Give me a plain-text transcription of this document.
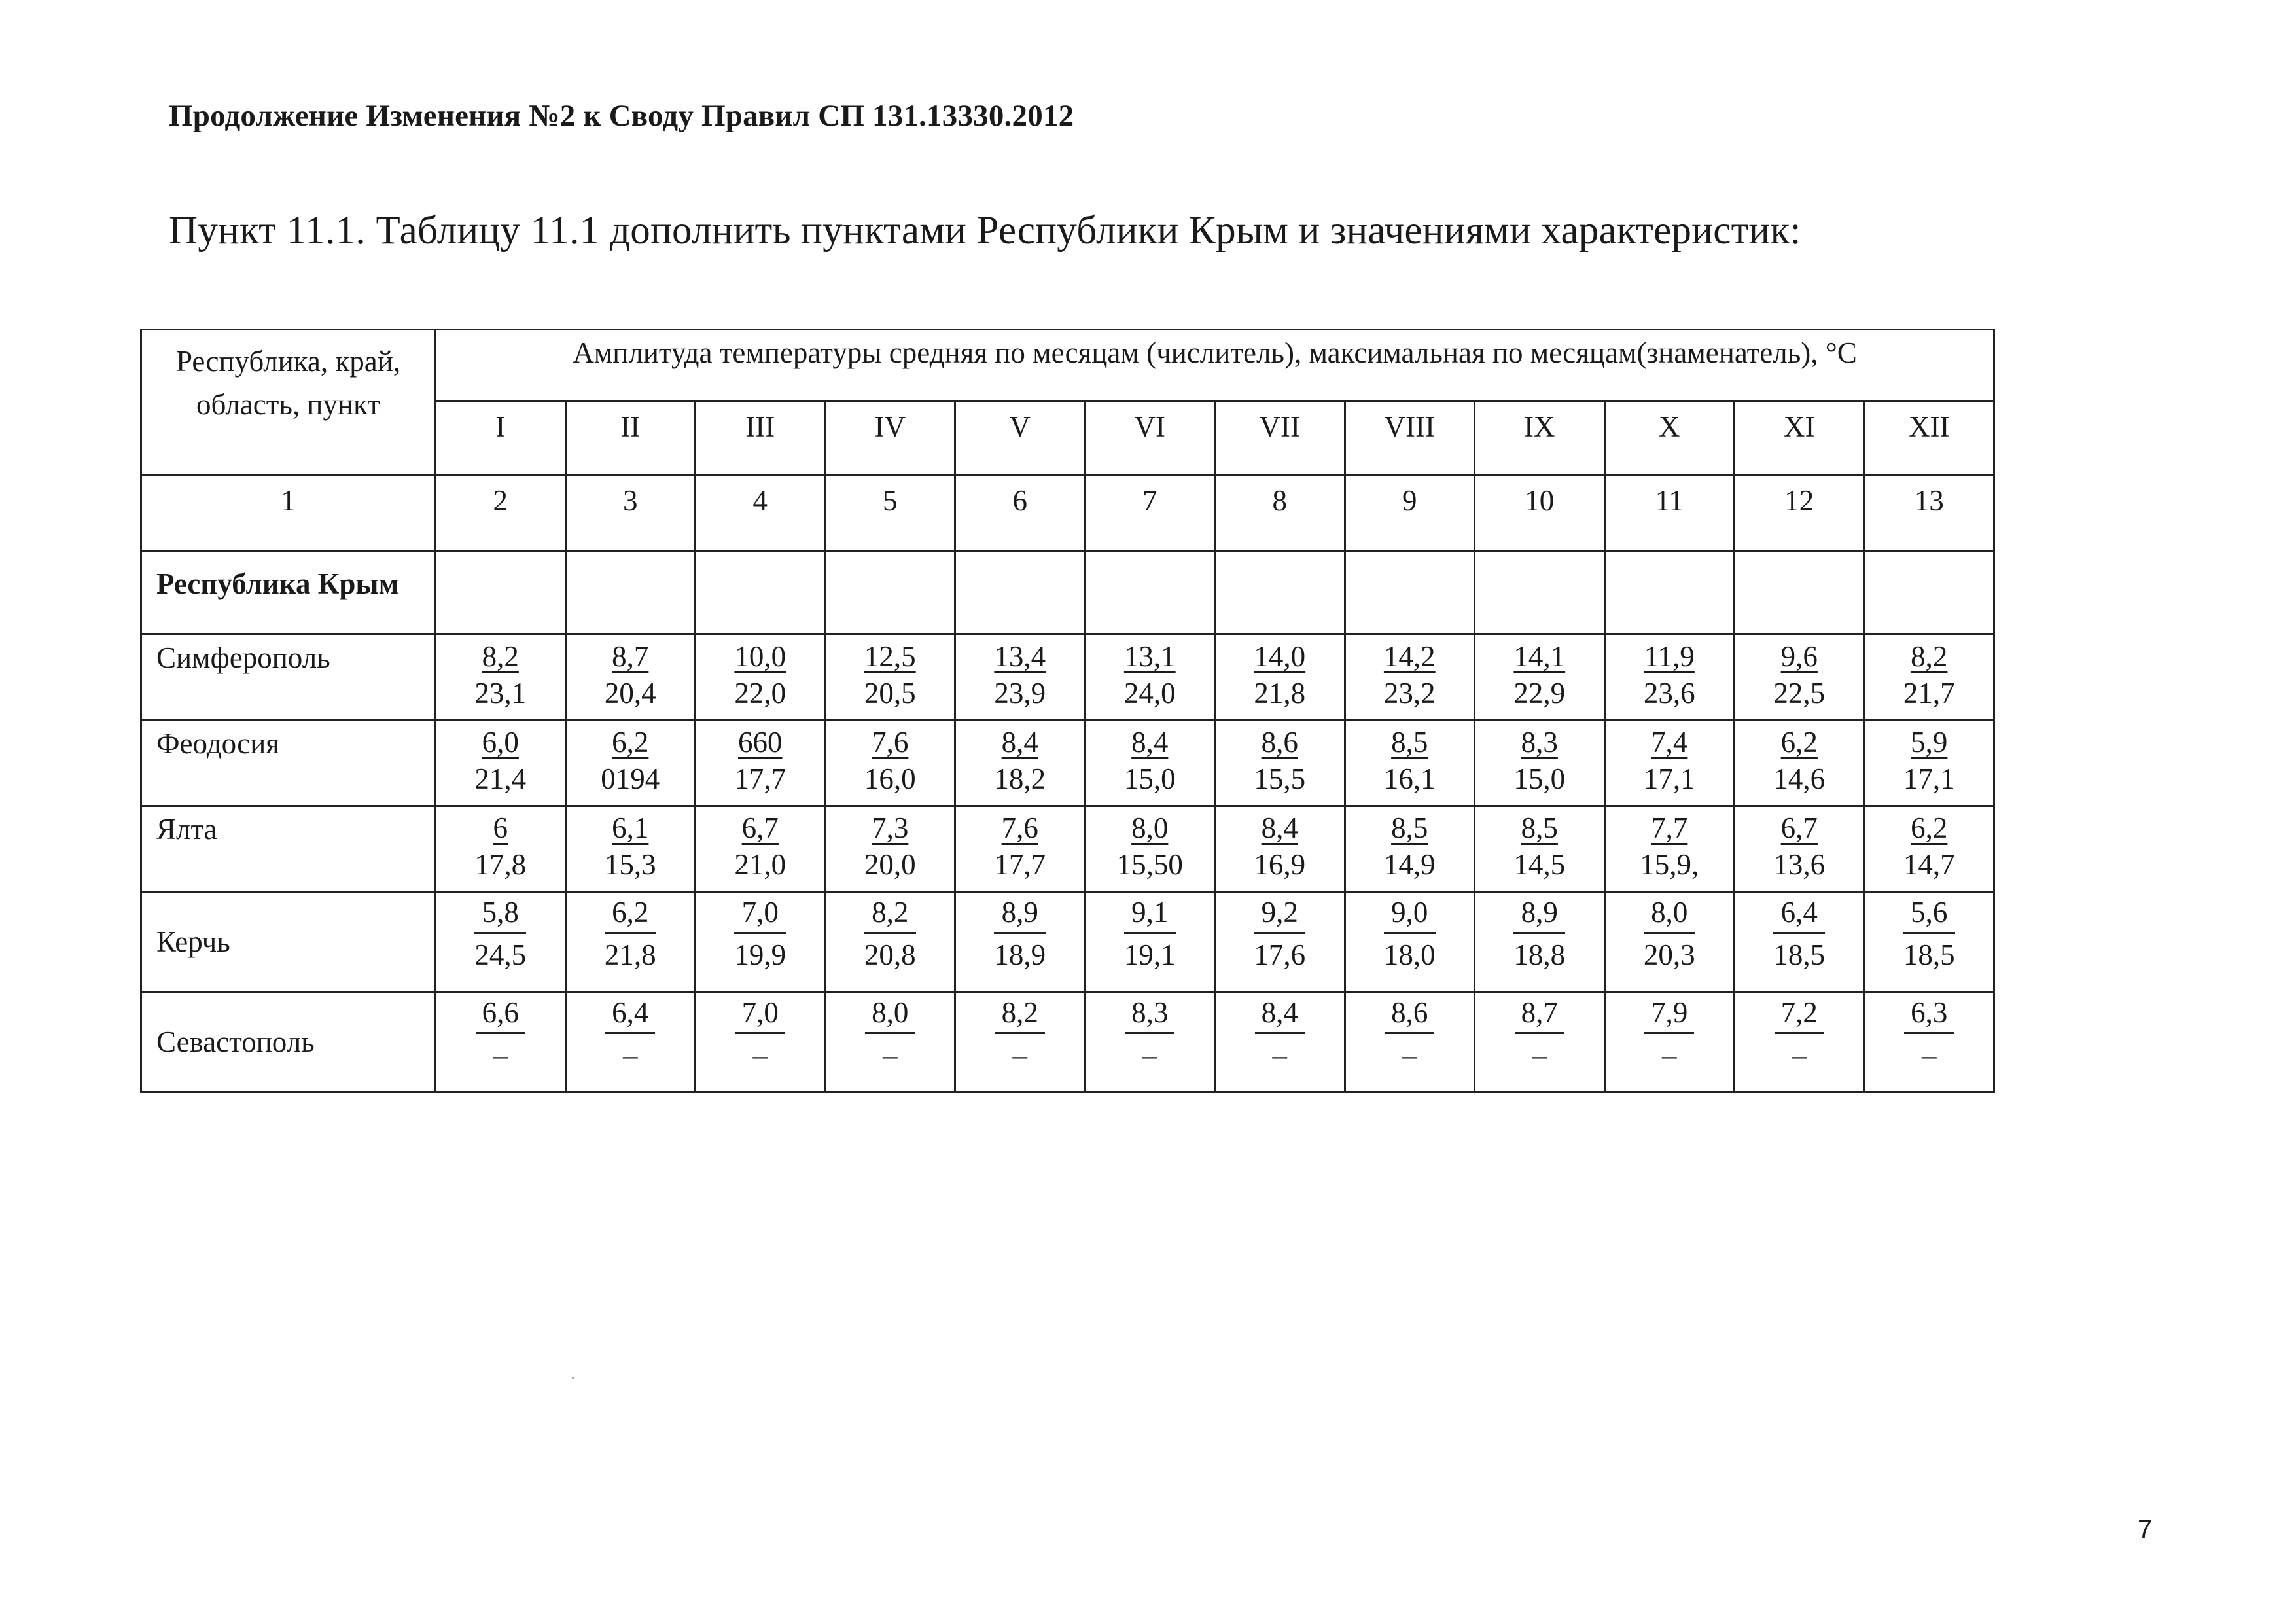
Продолжение Изменения №2 к Своду Правил СП 131.13330.2012
Пункт 11.1. Таблицу 11.1 дополнить пунктами Республики Крым и значениями характеристик:
Республика, край, область, пункт	Амплитуда температуры средняя по месяцам (числитель), максимальная по месяцам(знаменатель), °С											
	I	II	III	IV	V	VI	VII	VIII	IX	X	XI	XII
1	2	3	4	5	6	7	8	9	10	11	12	13
Республика Крым												
Симферополь	$\frac{8,2}{23,1}$	$\frac{8,7}{20,4}$	$\frac{10,0}{22,0}$	$\frac{12,5}{20,5}$	$\frac{13,4}{23,9}$	$\frac{13,1}{24,0}$	$\frac{14,0}{21,8}$	$\frac{14,2}{23,2}$	$\frac{14,1}{22,9}$	$\frac{11,9}{23,6}$	$\frac{9,6}{22,5}$	$\frac{8,2}{21,7}$

Феодосия	$\frac{6,0}{21,4}$	$\frac{6,2}{0194}$	$\frac{660}{17,7}$	$\frac{7,6}{16,0}$	$\frac{8,4}{18,2}$	$\frac{8,4}{15,0}$	$\frac{8,6}{15,5}$	$\frac{8,5}{16,1}$	$\frac{8,3}{15,0}$	$\frac{7,4}{17,1}$	$\frac{6,2}{14,6}$	$\frac{5,9}{17,1}$

Ялта	$\frac{6}{17,8}$	$\frac{6,1}{15,3}$	$\frac{6,7}{21,0}$	$\frac{7,3}{20,0}$	$\frac{7,6}{17,7}$	$\frac{8,0}{15,50}$	$\frac{8,4}{16,9}$	$\frac{8,5}{14,9}$	$\frac{8,5}{14,5}$	$\frac{7,7}{15,9,}$	$\frac{6,7}{13,6}$	$\frac{6,2}{14,7}$

Керчь	$\frac{5,8}{24,5}$	$\frac{6,2}{21,8}$	$\frac{7,0}{19,9}$	$\frac{8,2}{20,8}$	$\frac{8,9}{18,9}$	$\frac{9,1}{19,1}$	$\frac{9,2}{17,6}$	$\frac{9,0}{18,0}$	$\frac{8,9}{18,8}$	$\frac{8,0}{20,3}$	$\frac{6,4}{18,5}$	$\frac{5,6}{18,5}$

Севастополь	$\frac{6,6}{-}$	$\frac{6,4}{-}$	$\frac{7,0}{-}$	$\frac{8,0}{-}$	$\frac{8,2}{-}$	$\frac{8,3}{-}$	$\frac{8,4}{-}$	$\frac{8,6}{-}$	$\frac{8,7}{-}$	$\frac{7,9}{-}$	$\frac{7,2}{-}$	$\frac{6,3}{-}$
7
